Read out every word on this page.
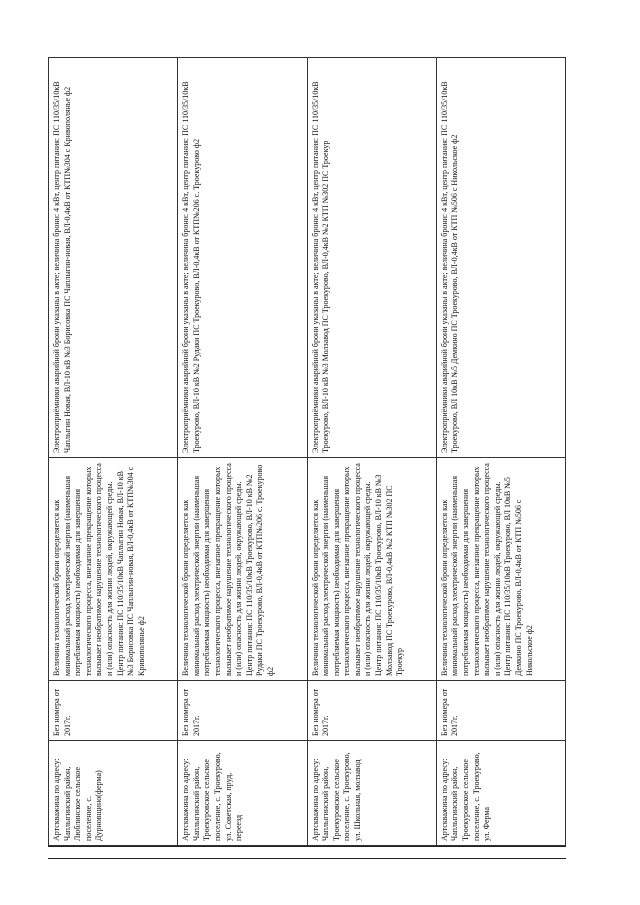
Артскважина по адресу: Чаплыгинский район, Люблинское сельское поселение, с. Дурновщино(ферма)	Без номера от 2017г.	Величина технологической брони определяется как минимальный расход электрической энергии (наименьшая потребляемая мощность) необходимая для завершения технологического процесса, внезапное прекращение которых вызывает необратимое нарушение технологического процесса и (или) опасность для жизни людей, окружающей среды. Центр питания: ПС 110/35/10кВ Чаплыгин Новая, ВЛ-10 кВ №3 Борисовка ПС Чаплыгин-новая, ВЛ-0,4кВ от КТП№304 с Кривополянье ф2	Электроприёмники аварийной брони указаны в акте; величина брони: 4 кВт, центр питания: ПС 110/35/10кВ Чаплыгин Новая, ВЛ-10 кВ №3 Борисовка ПС Чаплыгин-новая, ВЛ-0,4кВ от КТП№304 с Кривополянье ф2
Артскважина по адресу: Чаплыгинский район, Троекуровское сельское поселение, с. Троекурово, ул. Советская, пруд, переезд	Без номера от 2017г.	Величина технологической брони определяется как минимальный расход электрической энергии (наименьшая потребляемая мощность) необходимая для завершения технологического процесса, внезапное прекращение которых вызывает необратимое нарушение технологического процесса и (или) опасность для жизни людей, окружающей среды. Центр питания: ПС 110/35/10кВ Троекурово, ВЛ-10 кВ №2 Рудаки ПС Троекурово, ВЛ-0,4кВ от КТП№206 с. Троекурово ф2	Электроприёмники аварийной брони указаны в акте; величина брони: 4 кВт, центр питания: ПС 110/35/10кВ Троекурово, ВЛ-10 кВ №2 Рудаки ПС Троекурово, ВЛ-0,4кВ от КТП№206 с. Троекурово ф2
Артскважина по адресу: Чаплыгинский район, Троекуровское сельское поселение, с. Троекурово, ул. Школьная, молзавод	Без номера от 2017г.	Величина технологической брони определяется как минимальный расход электрической энергии (наименьшая потребляемая мощность) необходимая для завершения технологического процесса, внезапное прекращение которых вызывает необратимое нарушение технологического процесса и (или) опасность для жизни людей, окружающей среды. Центр питания: ПС 110/35/10кВ Троекурово, ВЛ-10 кВ №3 Молзавод ПС Троекурово, ВЛ-0,4кВ №2 КТП №302 ПС Троекур	Электроприёмники аварийной брони указаны в акте; величина брони: 4 кВт, центр питания: ПС 110/35/10кВ Троекурово, ВЛ-10 кВ №3 Молзавод ПС Троекурово, ВЛ-0,4кВ №2 КТП №302 ПС Троекур
Артскважина по адресу: Чаплыгинский район, Троекуровское сельское поселение, с. Троекурово, ул. Ферма	Без номера от 2017г.	Величина технологической брони определяется как минимальный расход электрической энергии (наименьшая потребляемая мощность) необходимая для завершения технологического процесса, внезапное прекращение которых вызывает необратимое нарушение технологического процесса и (или) опасность для жизни людей, окружающей среды. Центр питания: ПС 110/35/10кВ Троекурово, ВЛ 10кВ №5 Демкино ПС Троекурово, ВЛ-0,4кВ от КТП №506 с Никольское ф2	Электроприёмники аварийной брони указаны в акте; величина брони: 4 кВт, центр питания: ПС 110/35/10кВ Троекурово, ВЛ 10кВ №5 Демкино ПС Троекурово, ВЛ-0,4кВ от КТП №506 с Никольское ф2
